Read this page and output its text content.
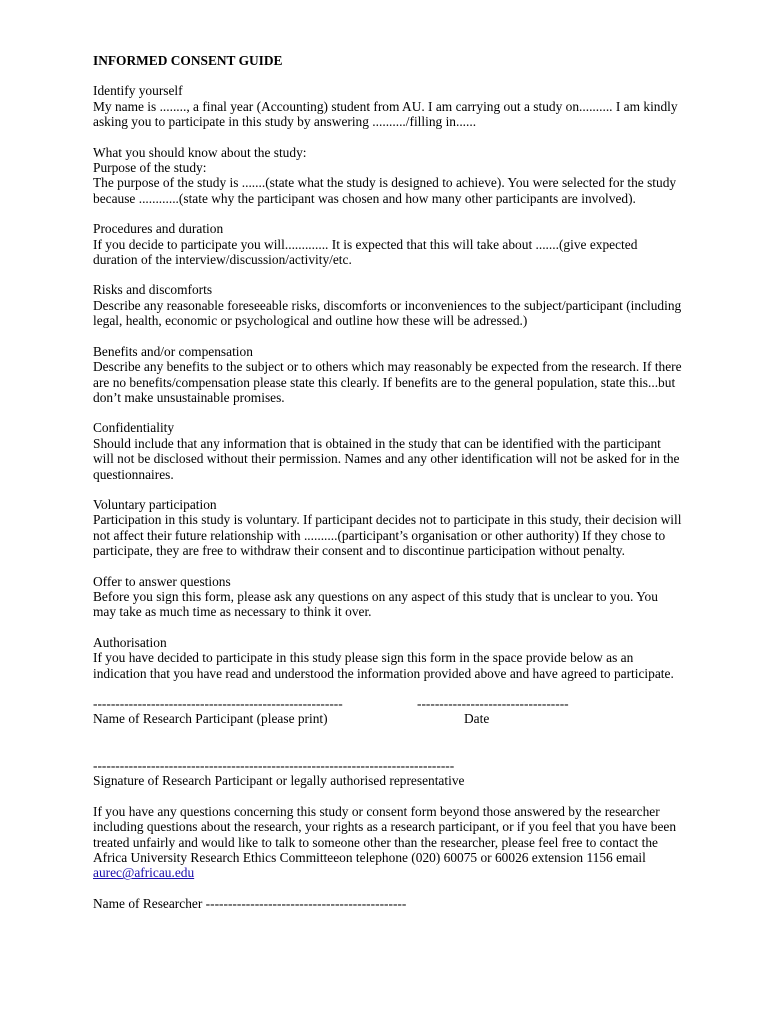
INFORMED CONSENT GUIDE
Identify yourself
My name is ........, a final year (Accounting) student from AU. I am carrying out a study on.......... I am kindly asking you to participate in this study by answering ........../filling in......
What you should know about the study:
Purpose of the study:
The purpose of the study is .......(state what the study is designed to achieve). You were selected for the study because ............(state why the participant was chosen and how many other participants are involved).
Procedures and duration
If you decide to participate you will............. It is expected that this will take about .......(give expected duration of the interview/discussion/activity/etc.
Risks and discomforts
Describe any reasonable foreseeable risks, discomforts or inconveniences to the subject/participant (including legal, health, economic or psychological and outline how these will be adressed.)
Benefits and/or compensation
Describe any benefits to the subject or to others which may reasonably be expected from the research. If there are no benefits/compensation please state this clearly. If benefits are to the general population, state this...but don’t make unsustainable promises.
Confidentiality
Should include that any information that is obtained in the study that can be identified with the participant will not be disclosed without their permission. Names and any other identification will not be asked for in the questionnaires.
Voluntary participation
Participation in this study is voluntary. If participant decides not to participate in this study, their decision will not affect their future relationship with ..........(participant’s organisation or other authority) If they chose to participate, they are free to withdraw their consent and to discontinue participation without penalty.
Offer to answer questions
Before you sign this form, please ask any questions on any aspect of this study that is unclear to you. You may take as much time as necessary to think it over.
Authorisation
If you have decided to participate in this study please sign this form in the space provide below as an indication that you have read and understood the information provided above and have agreed to participate.
--------------------------------------------------------
Name of Research Participant (please print)
----------------------------------
Date
---------------------------------------------------------------------------------
Signature of Research Participant or legally authorised representative
If you have any questions concerning this study or consent form beyond those answered by the researcher including questions about the research, your rights as a research participant, or if you feel that you have been treated unfairly and would like to talk to someone other than the researcher, please feel free to contact the Africa University Research Ethics Committeeon telephone (020) 60075 or 60026 extension 1156 email aurec@africau.edu
Name of Researcher ---------------------------------------------
